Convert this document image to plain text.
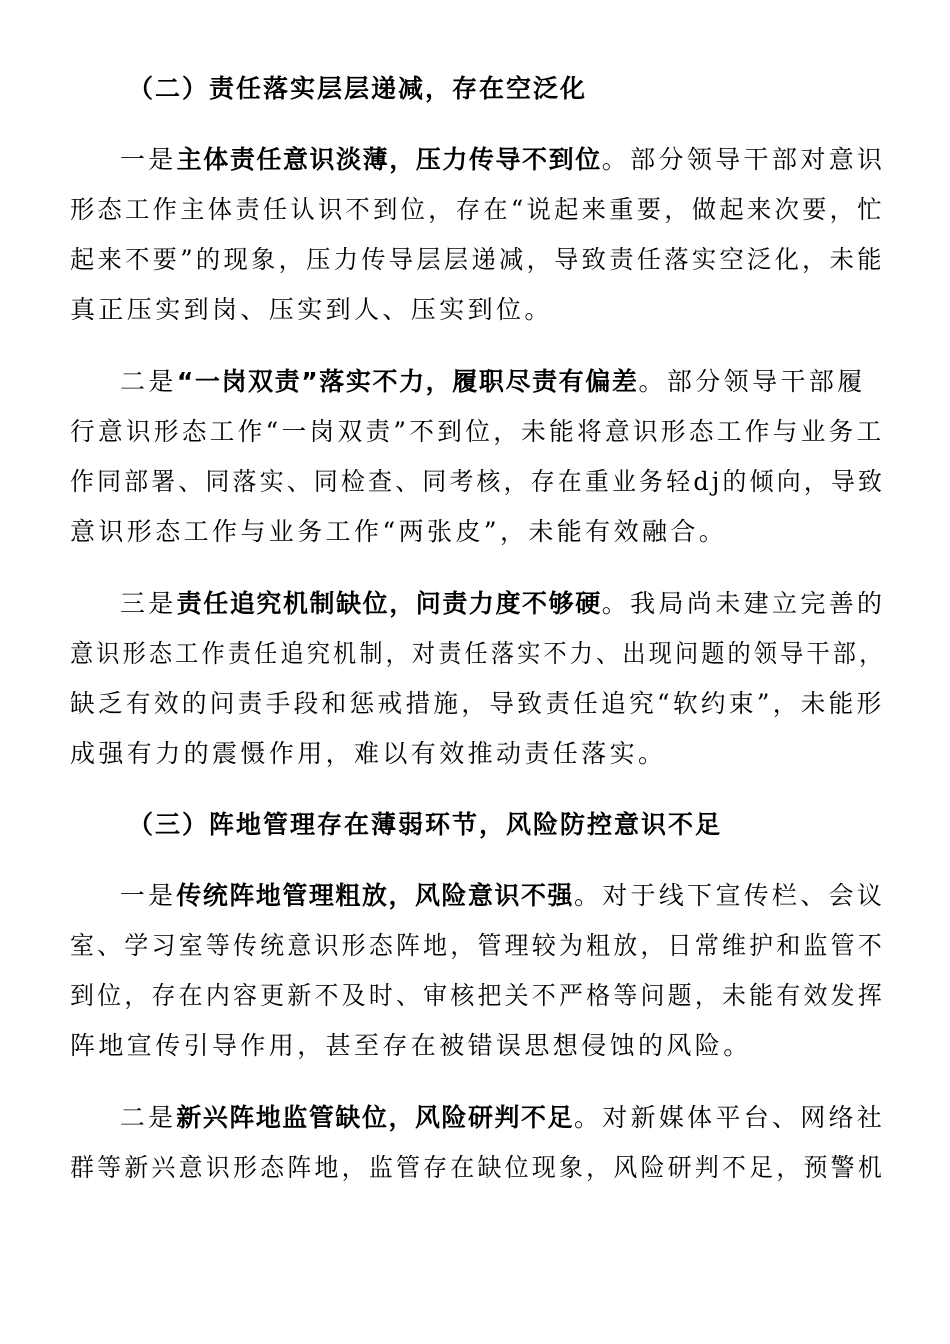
（二）责任落实层层递减，存在空泛化
一是主体责任意识淡薄，压力传导不到位。部分领导干部对意识
形态工作主体责任认识不到位，存在“说起来重要，做起来次要，忙
起来不要”的现象，压力传导层层递减，导致责任落实空泛化，未能
真正压实到岗、压实到人、压实到位。
二是“一岗双责”落实不力，履职尽责有偏差。部分领导干部履
行意识形态工作“一岗双责”不到位，未能将意识形态工作与业务工
作同部署、同落实、同检查、同考核，存在重业务轻dj的倾向，导致
意识形态工作与业务工作“两张皮”，未能有效融合。
三是责任追究机制缺位，问责力度不够硬。我局尚未建立完善的
意识形态工作责任追究机制，对责任落实不力、出现问题的领导干部，
缺乏有效的问责手段和惩戒措施，导致责任追究“软约束”，未能形
成强有力的震慑作用，难以有效推动责任落实。
（三）阵地管理存在薄弱环节，风险防控意识不足
一是传统阵地管理粗放，风险意识不强。对于线下宣传栏、会议
室、学习室等传统意识形态阵地，管理较为粗放，日常维护和监管不
到位，存在内容更新不及时、审核把关不严格等问题，未能有效发挥
阵地宣传引导作用，甚至存在被错误思想侵蚀的风险。
二是新兴阵地监管缺位，风险研判不足。对新媒体平台、网络社
群等新兴意识形态阵地，监管存在缺位现象，风险研判不足，预警机
